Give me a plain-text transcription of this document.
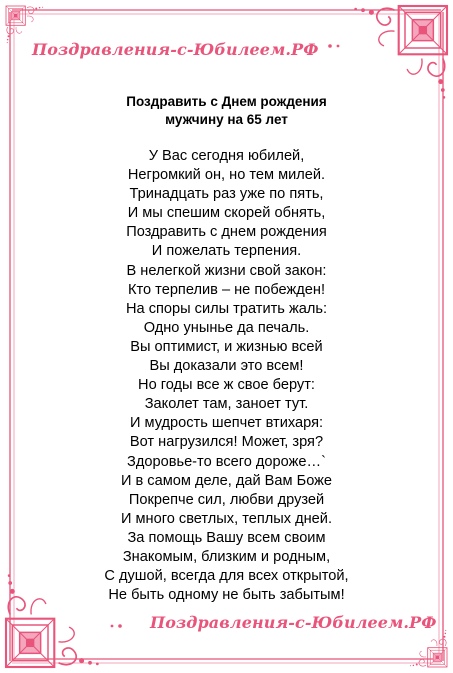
Поздравления-с-Юбилеем.РФ
Поздравить с Днем рождения
мужчину на 65 лет
У Вас сегодня юбилей,
Негромкий он, но тем милей.
Тринадцать раз уже по пять,
И мы спешим скорей обнять,
Поздравить с днем рождения
И пожелать терпения.
В нелегкой жизни свой закон:
Кто терпелив – не побежден!
На споры силы тратить жаль:
Одно унынье да печаль.
Вы оптимист, и жизнью всей
Вы доказали это всем!
Но годы все ж свое берут:
Заколет там, заноет тут.
И мудрость шепчет втихаря:
Вот нагрузился! Может, зря?
Здоровье-то всего дороже…`
И в самом деле, дай Вам Боже
Покрепче сил, любви друзей
И много светлых, теплых дней.
За помощь Вашу всем своим
Знакомым, близким и родным,
С душой, всегда для всех открытой,
Не быть одному не быть забытым!
Поздравления-с-Юбилеем.РФ
